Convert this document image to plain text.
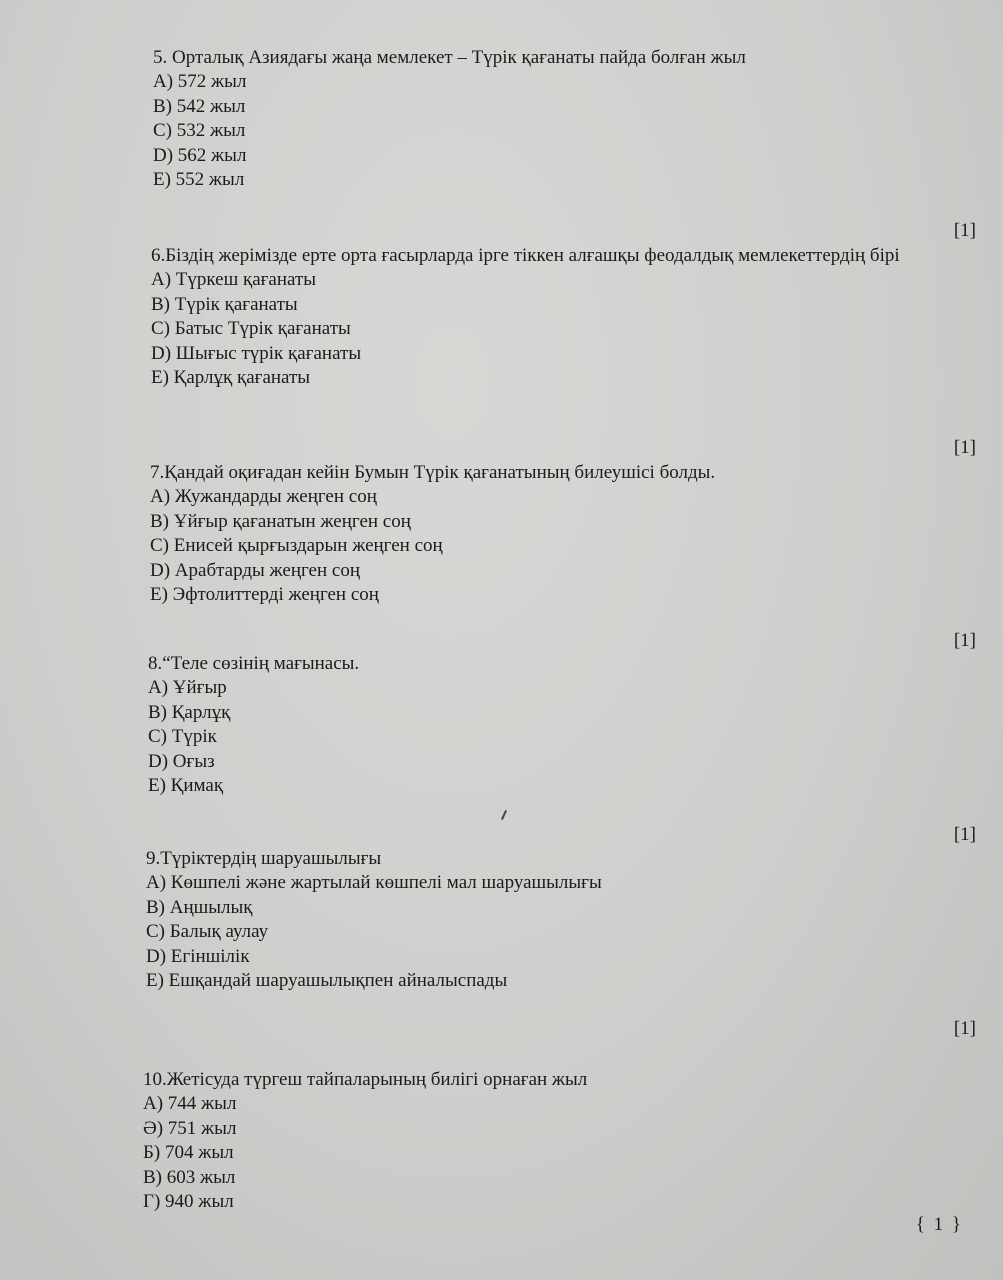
5. Орталық Азиядағы жаңа мемлекет – Түрік қағанаты пайда болған жыл

А) 572 жыл

В) 542 жыл

С) 532 жыл

D) 562 жыл

Е) 552 жыл

[1]

6.Біздің жерімізде ерте орта ғасырларда ірге тіккен алғашқы феодалдық мемлекеттердің бірі

А) Түркеш қағанаты

В) Түрік қағанаты

С) Батыс Түрік қағанаты

D) Шығыс түрік қағанаты

Е) Қарлұқ қағанаты

[1]

7.Қандай оқиғадан кейін Бумын Түрік қағанатының билеушісі болды.

А) Жужандарды жеңген соң

В) Ұйғыр қағанатын жеңген соң

С) Енисей қырғыздарын жеңген соң

D) Арабтарды жеңген соң

Е) Эфтолиттерді жеңген соң

[1]

8.“Теле сөзінің мағынасы.

А) Ұйғыр

В) Қарлұқ

С) Түрік

D) Оғыз

Е) Қимақ

[1]

9.Түріктердің шаруашылығы

А) Көшпелі және жартылай көшпелі мал шаруашылығы

В) Аңшылық

С) Балық аулау

D) Егіншілік

Е) Ешқандай шаруашылықпен айналыспады

[1]

10.Жетісуда түргеш тайпаларының билігі орнаған жыл

А) 744 жыл

Ә) 751 жыл

Б) 704 жыл

В) 603 жыл

Г) 940 жыл

{ 1 }
